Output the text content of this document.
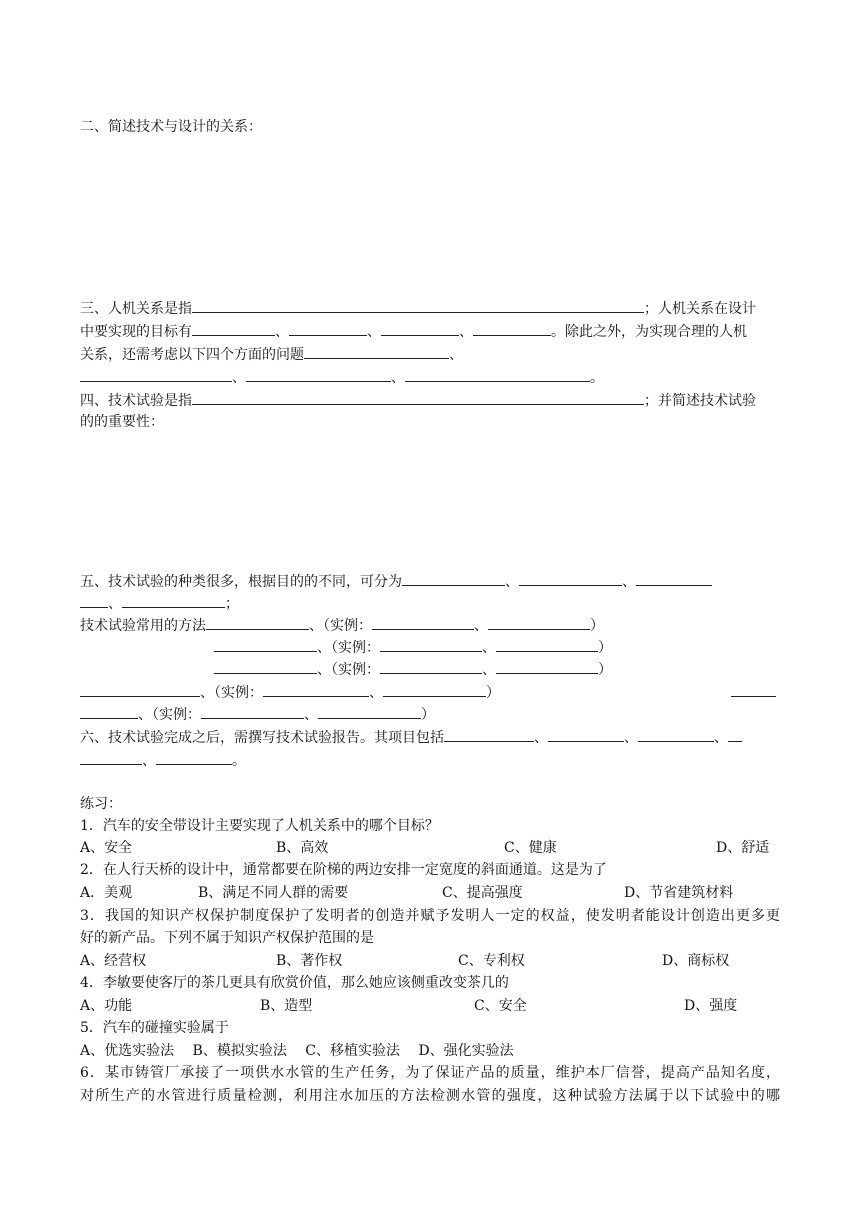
二、简述技术与设计的关系：
三、人机关系是指	；人机关系在设计
中要实现的目标有	、	、	、	。除此之外，为实现合理的人机
关系，还需考虑以下四个方面的问题	、
、	、	。
四、技术试验是指	；并简述技术试验
的的重要性：
五、技术试验的种类很多，根据目的的不同，可分为	、	、
、	；
技术试验常用的方法	、（实例：	、	）
、（实例：	、	）
、（实例：	、	）
、（实例：	、	）
、（实例：	、	）
六、技术试验完成之后，需撰写技术试验报告。其项目包括	、	、	、
、	。
练习：
1．汽车的安全带设计主要实现了人机关系中的哪个目标？
A、安全	B、高效	C、健康	D、舒适
2．在人行天桥的设计中，通常都要在阶梯的两边安排一定宽度的斜面通道。这是为了
A．美观	B、满足不同人群的需要	C、提高强度	D、节省建筑材料
3．我国的知识产权保护制度保护了发明者的创造并赋予发明人一定的权益，使发明者能设计创造出更多更
好的新产品。下列不属于知识产权保护范围的是
A、经营权	B、著作权	C、专利权	D、商标权
4．李敏要使客厅的茶几更具有欣赏价值，那么她应该侧重改变茶几的
A、功能	B、造型	C、安全	D、强度
5．汽车的碰撞实验属于
A、优选实验法　 B、模拟实验法　 C、移植实验法　 D、强化实验法
6．某市铸管厂承接了一项供水水管的生产任务，为了保证产品的质量，维护本厂信誉，提高产品知名度，
对所生产的水管进行质量检测，利用注水加压的方法检测水管的强度，这种试验方法属于以下试验中的哪
